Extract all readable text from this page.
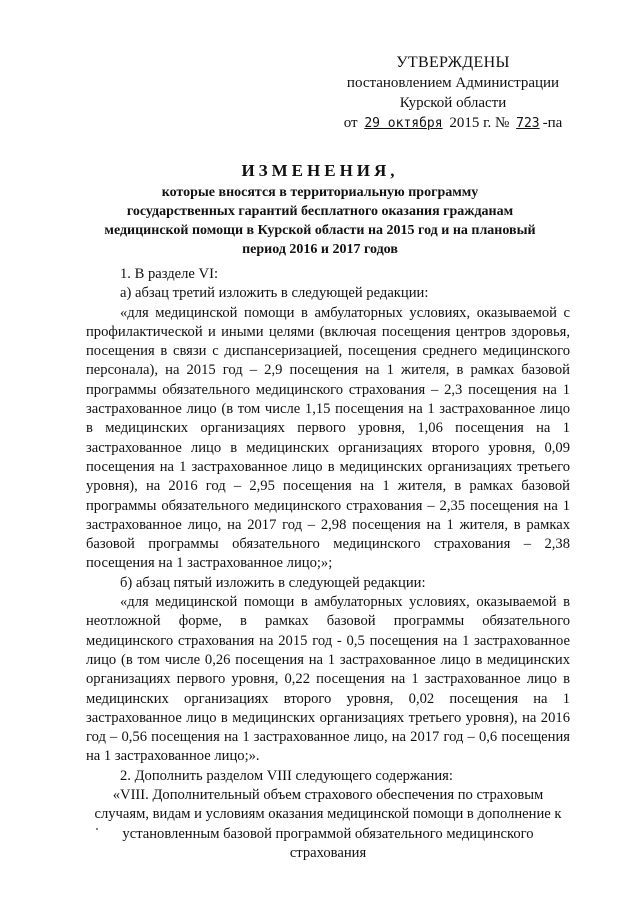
УТВЕРЖДЕНЫ
постановлением Администрации
Курской области
от 29 октября 2015 г. № 723 -па
ИЗМЕНЕНИЯ,
которые вносятся в территориальную программу
государственных гарантий бесплатного оказания гражданам
медицинской помощи в Курской области на 2015 год и на плановый
период 2016 и 2017 годов

1. В разделе VI:

а) абзац третий изложить в следующей редакции:

«для медицинской помощи в амбулаторных условиях, оказываемой с профилактической и иными целями (включая посещения центров здоровья, посещения в связи с диспансеризацией, посещения среднего медицинского персонала), на 2015 год – 2,9 посещения на 1 жителя, в рамках базовой программы обязательного медицинского страхования – 2,3 посещения на 1 застрахованное лицо (в том числе 1,15 посещения на 1 застрахованное лицо в медицинских организациях первого уровня, 1,06 посещения на 1 застрахованное лицо в медицинских организациях второго уровня, 0,09 посещения на 1 застрахованное лицо в медицинских организациях третьего уровня), на 2016 год – 2,95 посещения на 1 жителя, в рамках базовой программы обязательного медицинского страхования – 2,35 посещения на 1 застрахованное лицо, на 2017 год – 2,98 посещения на 1 жителя, в рамках базовой программы обязательного медицинского страхования – 2,38 посещения на 1 застрахованное лицо;»;

б) абзац пятый изложить в следующей редакции:

«для медицинской помощи в амбулаторных условиях, оказываемой в неотложной форме, в рамках базовой программы обязательного медицинского страхования на 2015 год - 0,5 посещения на 1 застрахованное лицо (в том числе 0,26 посещения на 1 застрахованное лицо в медицинских организациях первого уровня, 0,22 посещения на 1 застрахованное лицо в медицинских организациях второго уровня, 0,02 посещения на 1 застрахованное лицо в медицинских организациях третьего уровня), на 2016 год – 0,56 посещения на 1 застрахованное лицо, на 2017 год – 0,6 посещения на 1 застрахованное лицо;».

2. Дополнить разделом VIII следующего содержания:

«VIII. Дополнительный объем страхового обеспечения по страховым
случаям, видам и условиям оказания медицинской помощи в дополнение к
установленным базовой программой обязательного медицинского
страхования
